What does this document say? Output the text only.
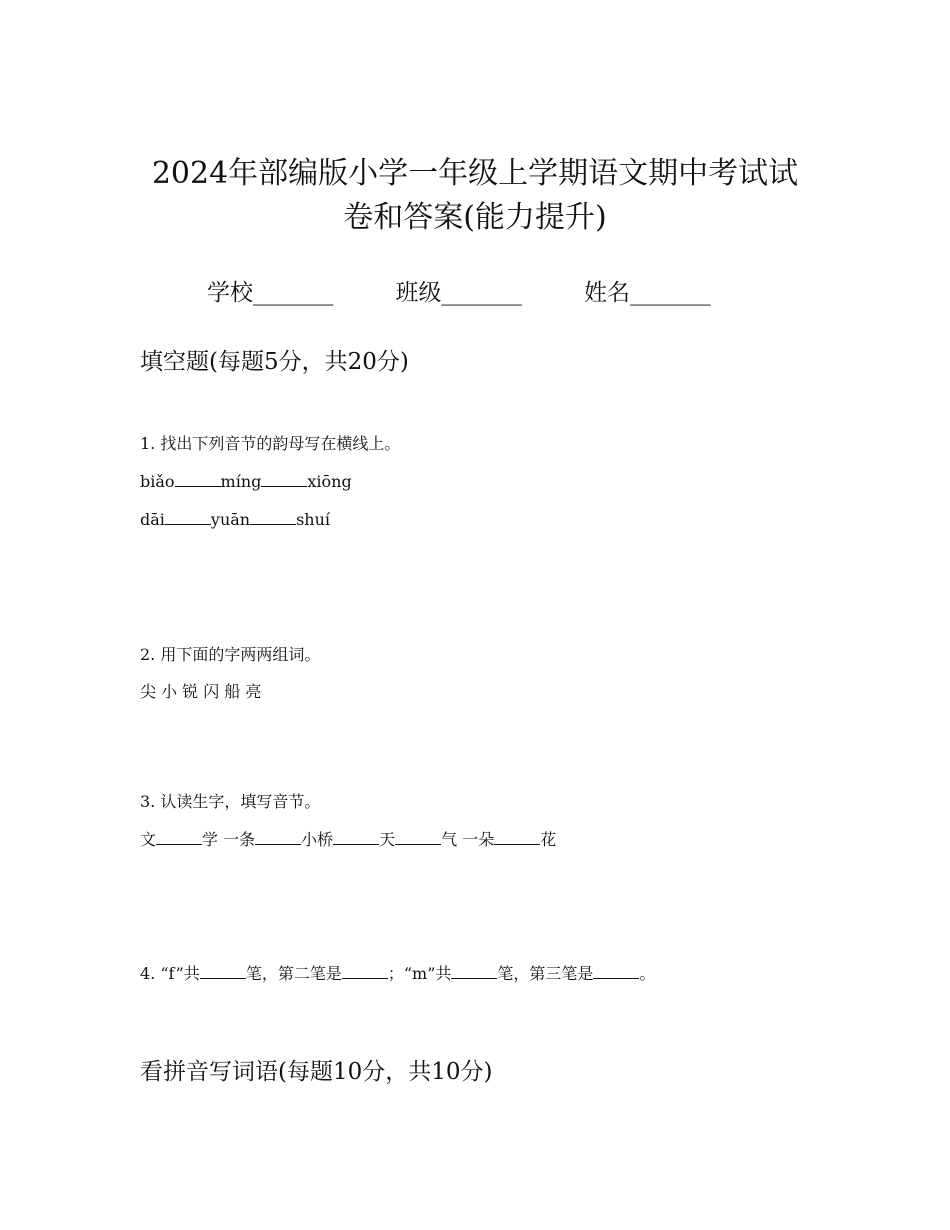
2024年部编版小学一年级上学期语文期中考试试
卷和答案(能力提升)
学校_______	班级_______	姓名_______
填空题(每题5分，共20分)
1. 找出下列音节的韵母写在横线上。
biǎo	míng	xiōng
dāi	yuān	shuí
2. 用下面的字两两组词。
尖 小 锐 闪 船 亮
3. 认读生字，填写音节。
文	学 一条	小桥	天	气 一朵	花
4. “f”共	笔，第二笔是	；“m”共	笔，第三笔是	。
看拼音写词语(每题10分，共10分)
